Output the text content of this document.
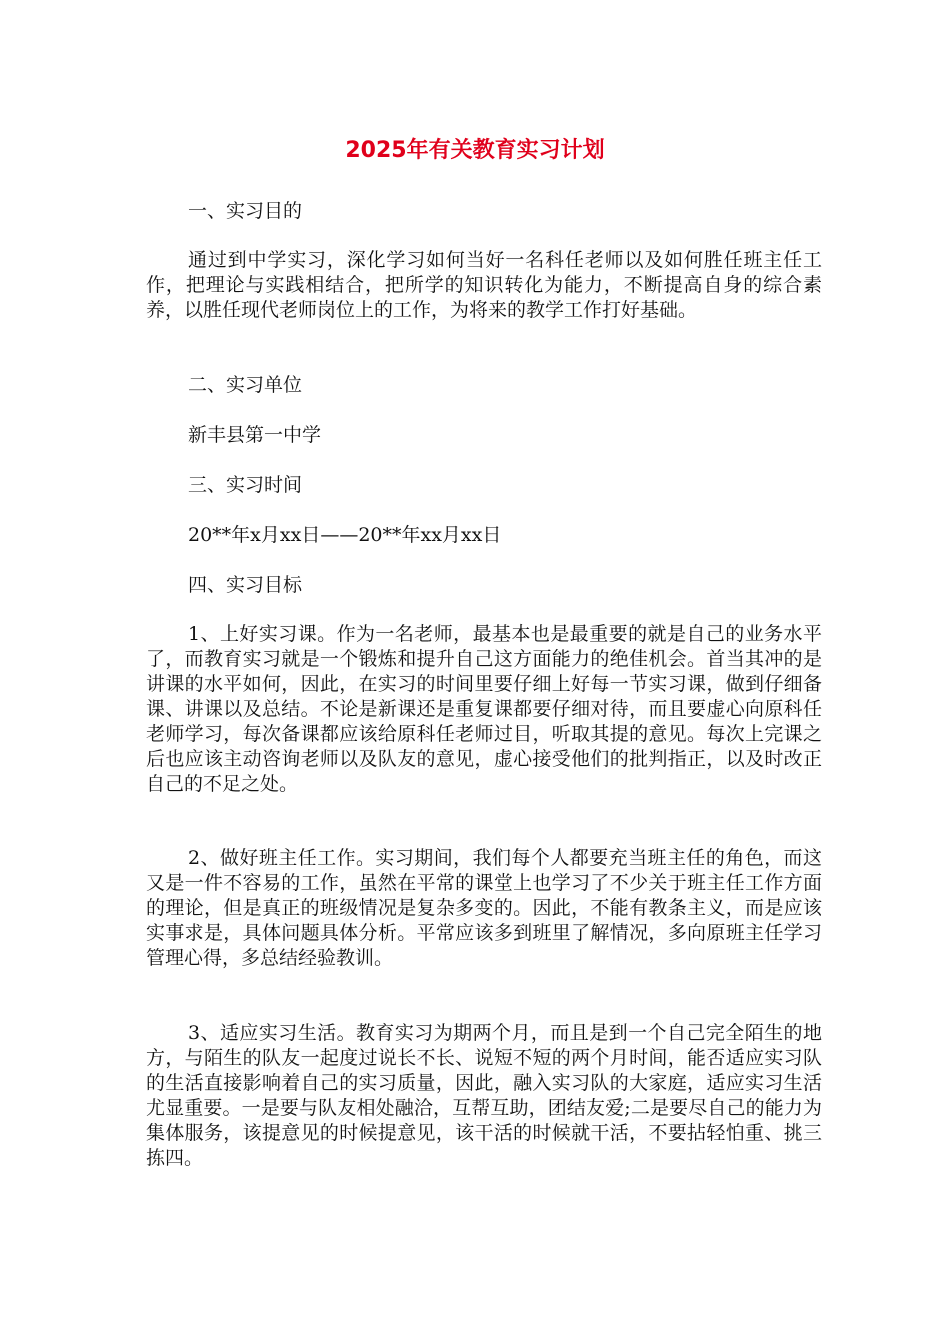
2025年有关教育实习计划

一、实习目的

通过到中学实习，深化学习如何当好一名科任老师以及如何胜任班主任工作，把理论与实践相结合，把所学的知识转化为能力，不断提高自身的综合素养，以胜任现代老师岗位上的工作，为将来的教学工作打好基础。

二、实习单位

新丰县第一中学

三、实习时间

20**年x月xx日——20**年xx月xx日

四、实习目标

1、上好实习课。作为一名老师，最基本也是最重要的就是自己的业务水平了，而教育实习就是一个锻炼和提升自己这方面能力的绝佳机会。首当其冲的是讲课的水平如何，因此，在实习的时间里要仔细上好每一节实习课，做到仔细备课、讲课以及总结。不论是新课还是重复课都要仔细对待，而且要虚心向原科任老师学习，每次备课都应该给原科任老师过目，听取其提的意见。每次上完课之后也应该主动咨询老师以及队友的意见，虚心接受他们的批判指正，以及时改正自己的不足之处。

2、做好班主任工作。实习期间，我们每个人都要充当班主任的角色，而这又是一件不容易的工作，虽然在平常的课堂上也学习了不少关于班主任工作方面的理论，但是真正的班级情况是复杂多变的。因此，不能有教条主义，而是应该实事求是，具体问题具体分析。平常应该多到班里了解情况，多向原班主任学习管理心得，多总结经验教训。

3、适应实习生活。教育实习为期两个月，而且是到一个自己完全陌生的地方，与陌生的队友一起度过说长不长、说短不短的两个月时间，能否适应实习队的生活直接影响着自己的实习质量，因此，融入实习队的大家庭，适应实习生活尤显重要。一是要与队友相处融洽，互帮互助，团结友爱;二是要尽自己的能力为集体服务，该提意见的时候提意见，该干活的时候就干活，不要拈轻怕重、挑三拣四。
